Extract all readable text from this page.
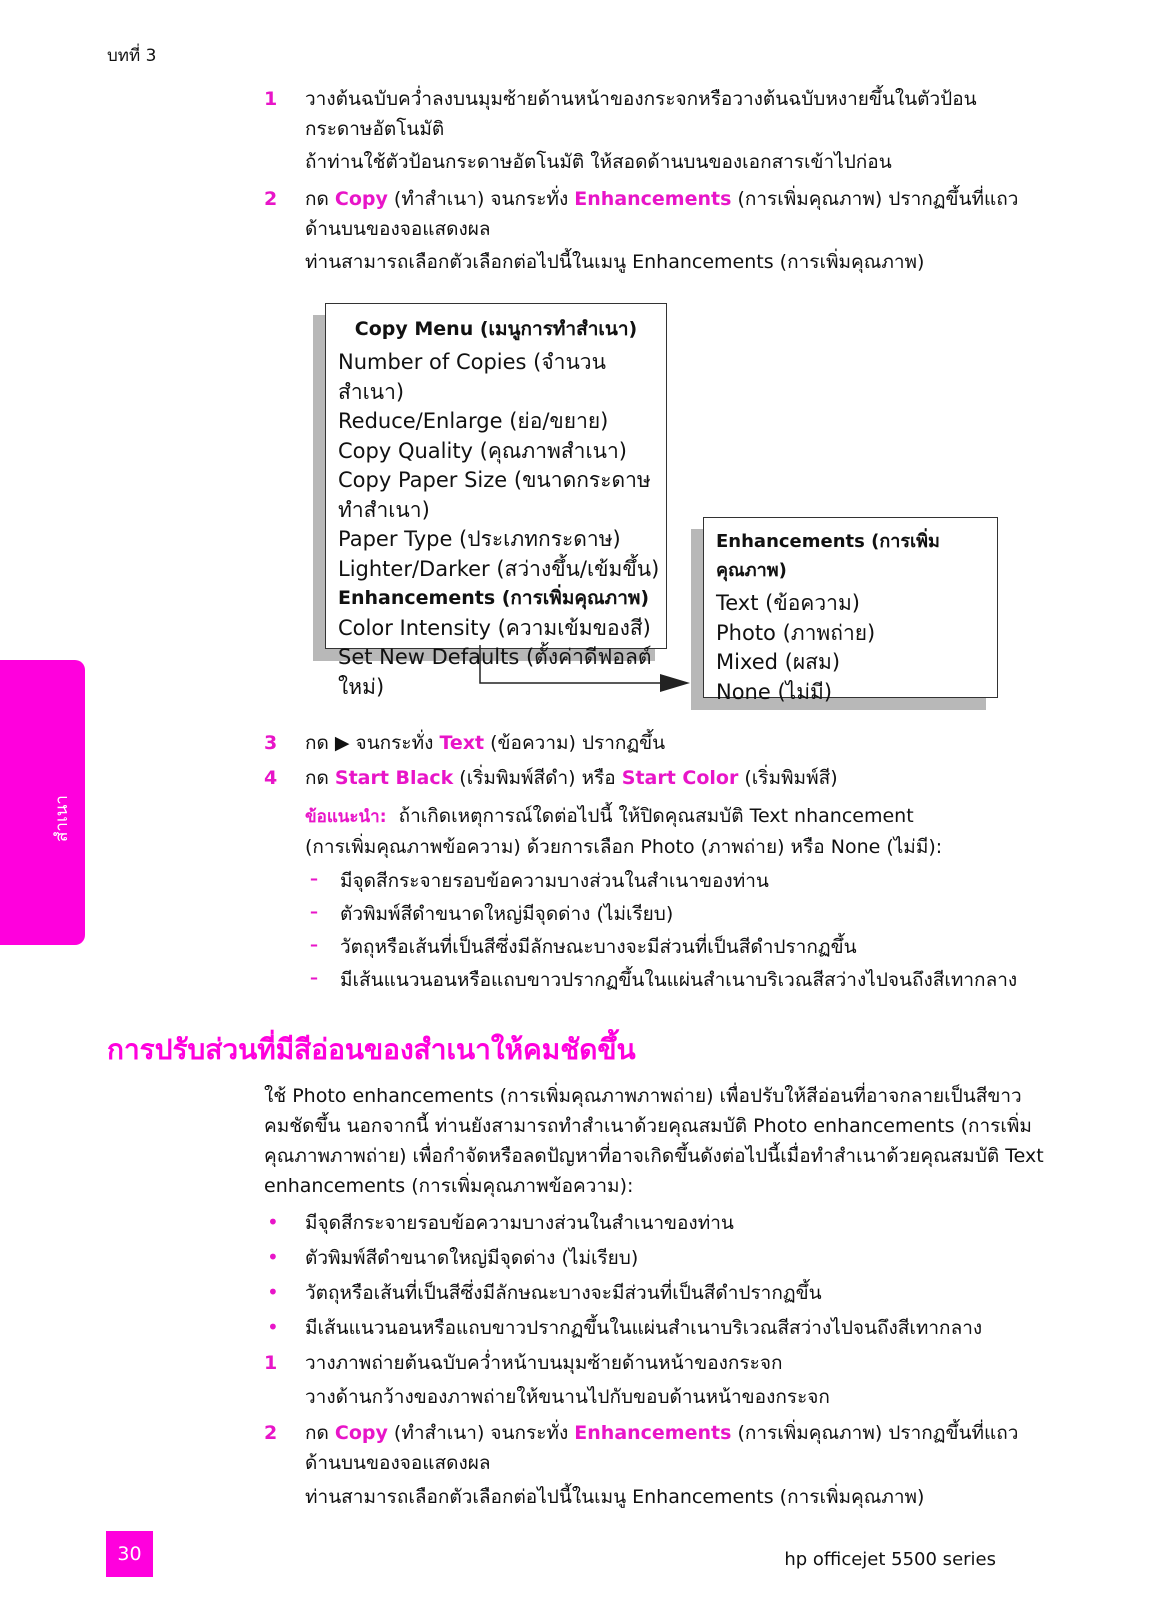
บทที่ 3
1 วางต้นฉบับคว่ำลงบนมุมซ้ายด้านหน้าของกระจกหรือวางต้นฉบับหงายขึ้นในตัวป้อน
กระดาษอัตโนมัติ
ถ้าท่านใช้ตัวป้อนกระดาษอัตโนมัติ ให้สอดด้านบนของเอกสารเข้าไปก่อน
2 กด Copy (ทำสำเนา) จนกระทั่ง Enhancements (การเพิ่มคุณภาพ) ปรากฏขึ้นที่แถว
ด้านบนของจอแสดงผล
ท่านสามารถเลือกตัวเลือกต่อไปนี้ในเมนู Enhancements (การเพิ่มคุณภาพ)
Copy Menu (เมนูการทำสำเนา)
Number of Copies (จำนวนสำเนา)
Reduce/Enlarge (ย่อ/ขยาย)
Copy Quality (คุณภาพสำเนา)
Copy Paper Size (ขนาดกระดาษ
ทำสำเนา)
Paper Type (ประเภทกระดาษ)
Lighter/Darker (สว่างขึ้น/เข้มขึ้น)
Enhancements (การเพิ่มคุณภาพ)
Color Intensity (ความเข้มของสี)
Set New Defaults (ตั้งค่าดีฟอลต์ใหม่)
Enhancements (การเพิ่มคุณภาพ)
Text (ข้อความ)
Photo (ภาพถ่าย)
Mixed (ผสม)
None (ไม่มี)
3 กด ▶ จนกระทั่ง Text (ข้อความ) ปรากฏขึ้น
4 กด Start Black (เริ่มพิมพ์สีดำ) หรือ Start Color (เริ่มพิมพ์สี)
ข้อแนะนำ: ถ้าเกิดเหตุการณ์ใดต่อไปนี้ ให้ปิดคุณสมบัติ Text nhancement
(การเพิ่มคุณภาพข้อความ) ด้วยการเลือก Photo (ภาพถ่าย) หรือ None (ไม่มี):
– มีจุดสีกระจายรอบข้อความบางส่วนในสำเนาของท่าน
– ตัวพิมพ์สีดำขนาดใหญ่มีจุดด่าง (ไม่เรียบ)
– วัตถุหรือเส้นที่เป็นสีซึ่งมีลักษณะบางจะมีส่วนที่เป็นสีดำปรากฏขึ้น
– มีเส้นแนวนอนหรือแถบขาวปรากฏขึ้นในแผ่นสำเนาบริเวณสีสว่างไปจนถึงสีเทากลาง
สำเนา
การปรับส่วนที่มีสีอ่อนของสำเนาให้คมชัดขึ้น
ใช้ Photo enhancements (การเพิ่มคุณภาพภาพถ่าย) เพื่อปรับให้สีอ่อนที่อาจกลายเป็นสีขาว
คมชัดขึ้น นอกจากนี้ ท่านยังสามารถทำสำเนาด้วยคุณสมบัติ Photo enhancements (การเพิ่ม
คุณภาพภาพถ่าย) เพื่อกำจัดหรือลดปัญหาที่อาจเกิดขึ้นดังต่อไปนี้เมื่อทำสำเนาด้วยคุณสมบัติ Text
enhancements (การเพิ่มคุณภาพข้อความ):
• มีจุดสีกระจายรอบข้อความบางส่วนในสำเนาของท่าน
• ตัวพิมพ์สีดำขนาดใหญ่มีจุดด่าง (ไม่เรียบ)
• วัตถุหรือเส้นที่เป็นสีซึ่งมีลักษณะบางจะมีส่วนที่เป็นสีดำปรากฏขึ้น
• มีเส้นแนวนอนหรือแถบขาวปรากฏขึ้นในแผ่นสำเนาบริเวณสีสว่างไปจนถึงสีเทากลาง
1 วางภาพถ่ายต้นฉบับคว่ำหน้าบนมุมซ้ายด้านหน้าของกระจก
วางด้านกว้างของภาพถ่ายให้ขนานไปกับขอบด้านหน้าของกระจก
2 กด Copy (ทำสำเนา) จนกระทั่ง Enhancements (การเพิ่มคุณภาพ) ปรากฏขึ้นที่แถว
ด้านบนของจอแสดงผล
ท่านสามารถเลือกตัวเลือกต่อไปนี้ในเมนู Enhancements (การเพิ่มคุณภาพ)
30	hp officejet 5500 series
